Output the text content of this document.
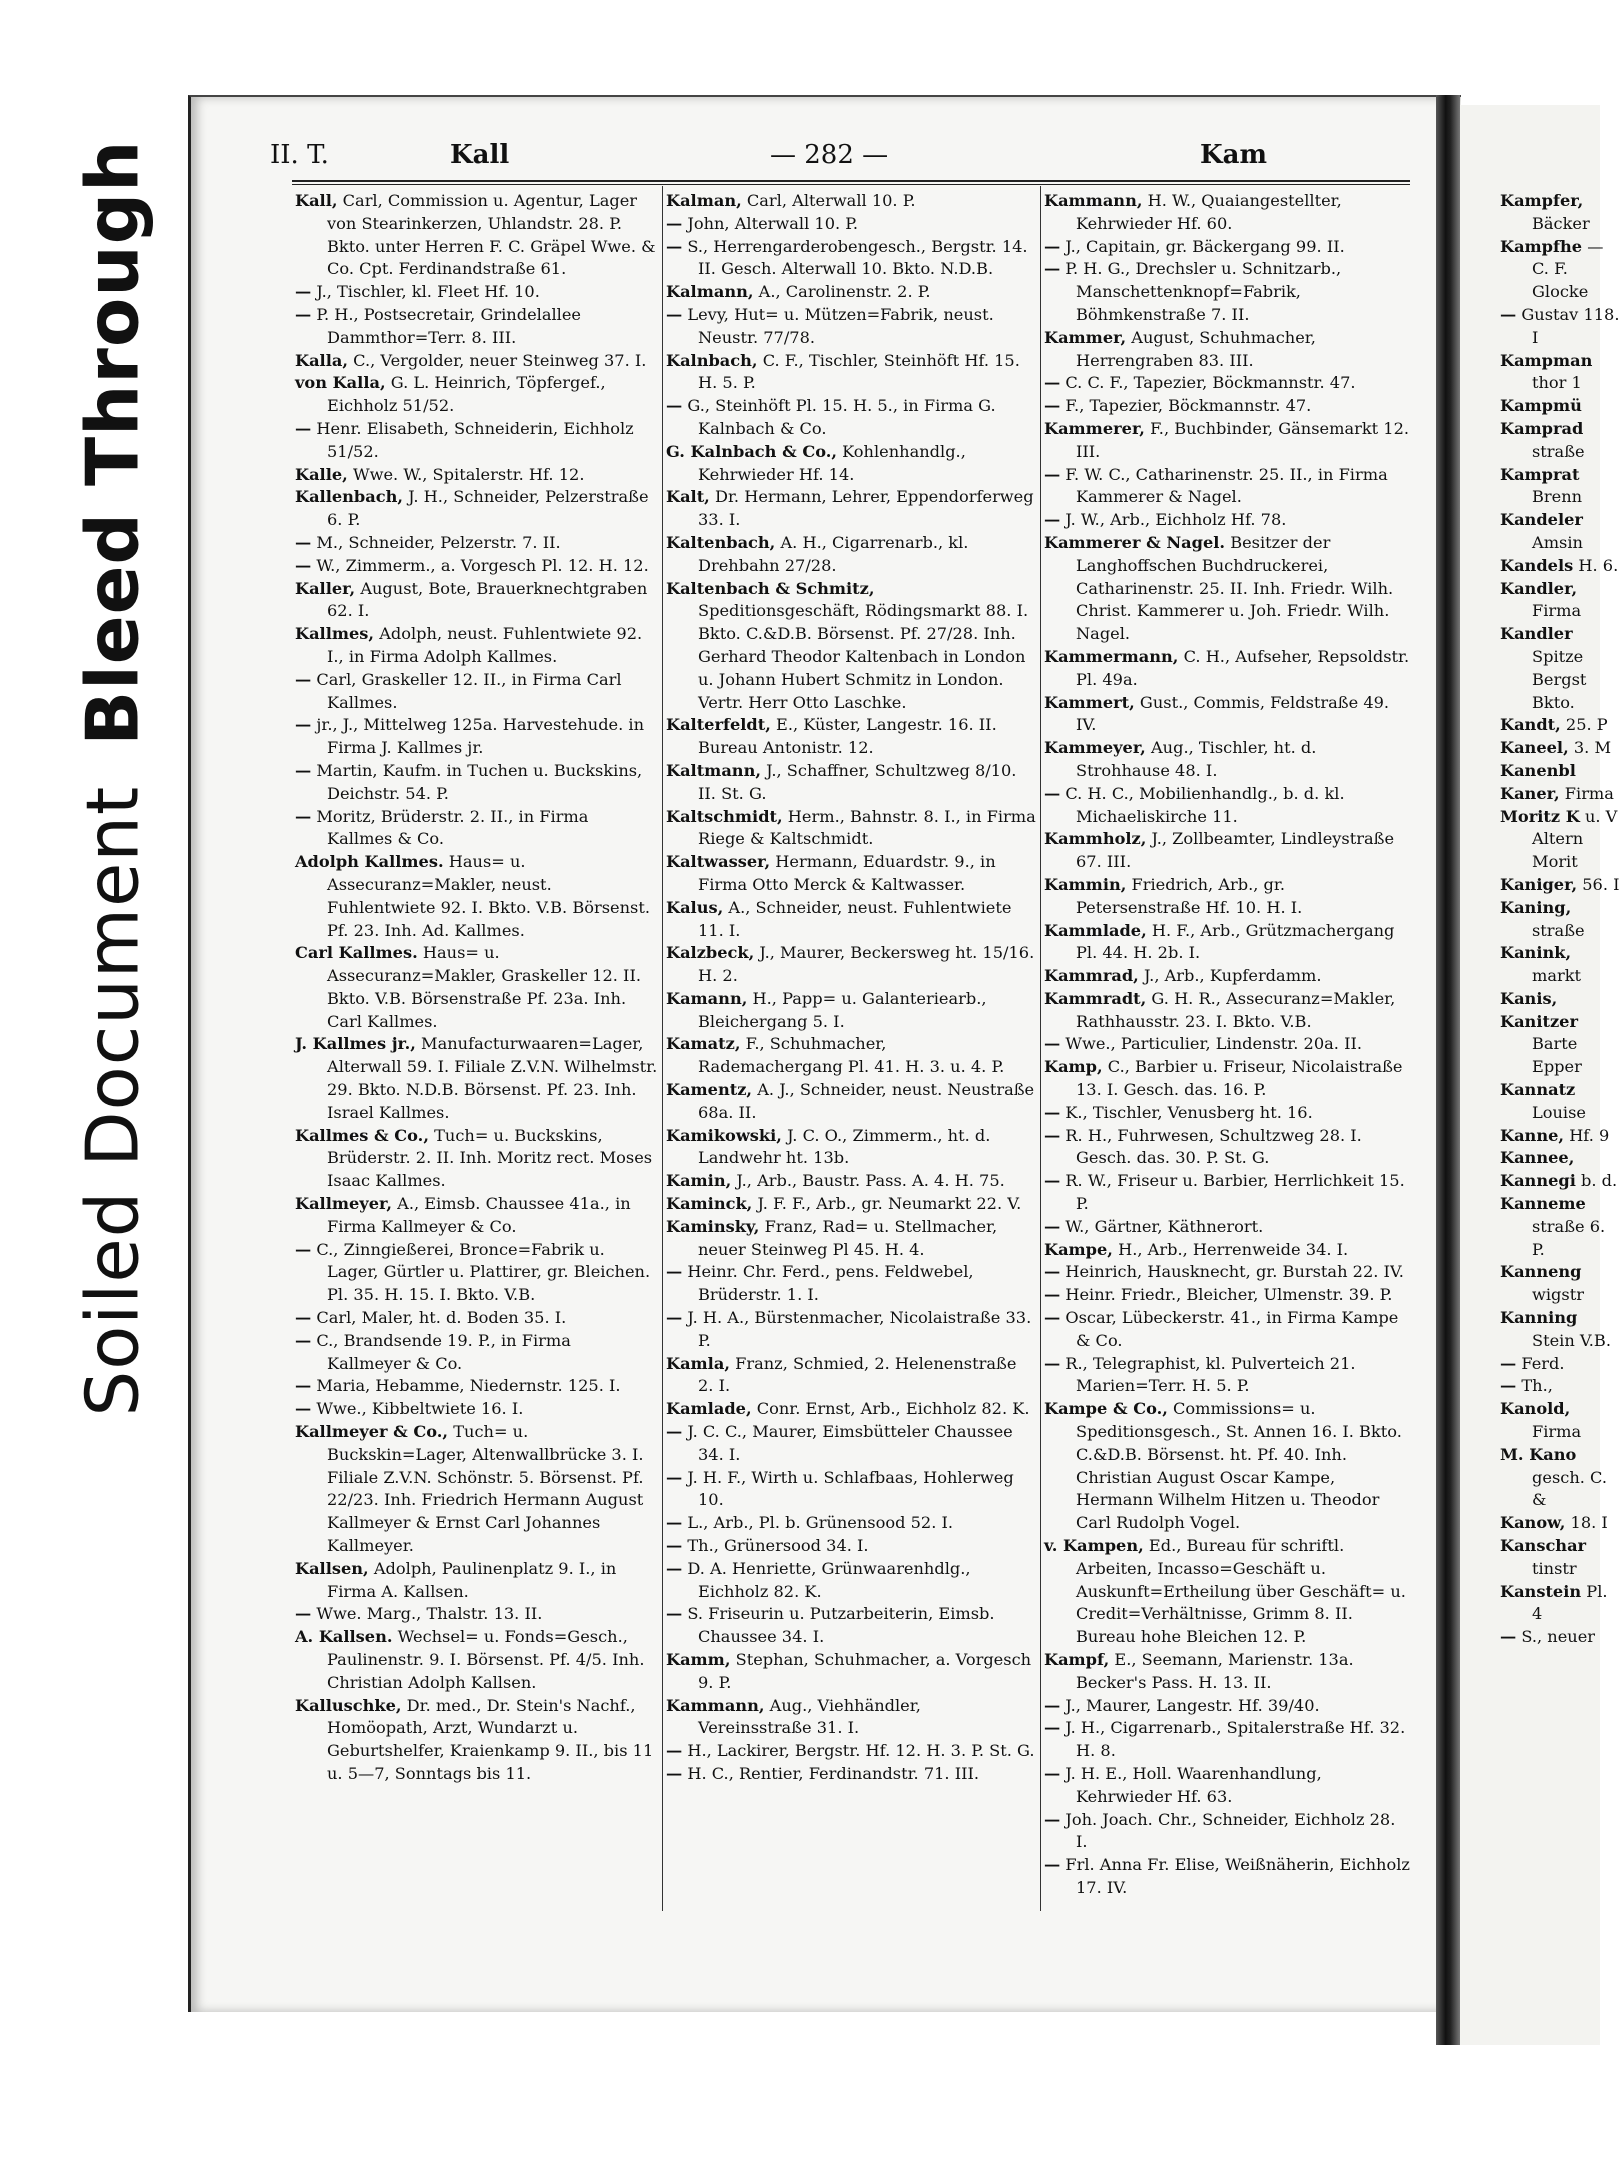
Soiled DocumentBleed Through	II. T.	Kall	— 282 —	Kam

Kall, Carl, Commission u. Agentur, Lager von Stearinkerzen, Uhlandstr. 28. P. Bkto. unter Herren F. C. Gräpel Wwe. & Co. Cpt. Ferdinandstraße 61.

— J., Tischler, kl. Fleet Hf. 10.

— P. H., Postsecretair, Grindelallee Dammthor=Terr. 8. III.

Kalla, C., Vergolder, neuer Steinweg 37. I.

von Kalla, G. L. Heinrich, Töpfergef., Eichholz 51/52.

— Henr. Elisabeth, Schneiderin, Eichholz 51/52.

Kalle, Wwe. W., Spitalerstr. Hf. 12.

Kallenbach, J. H., Schneider, Pelzerstraße 6. P.

— M., Schneider, Pelzerstr. 7. II.

— W., Zimmerm., a. Vorgesch Pl. 12. H. 12.

Kaller, August, Bote, Brauerknechtgraben 62. I.

Kallmes, Adolph, neust. Fuhlentwiete 92. I., in Firma Adolph Kallmes.

— Carl, Graskeller 12. II., in Firma Carl Kallmes.

— jr., J., Mittelweg 125a. Harvestehude. in Firma J. Kallmes jr.

— Martin, Kaufm. in Tuchen u. Buckskins, Deichstr. 54. P.

— Moritz, Brüderstr. 2. II., in Firma Kallmes & Co.

Adolph Kallmes. Haus= u. Assecuranz=Makler, neust. Fuhlentwiete 92. I. Bkto. V.B. Börsenst. Pf. 23. Inh. Ad. Kallmes.

Carl Kallmes. Haus= u. Assecuranz=Makler, Graskeller 12. II. Bkto. V.B. Börsenstraße Pf. 23a. Inh. Carl Kallmes.

J. Kallmes jr., Manufacturwaaren=Lager, Alterwall 59. I. Filiale Z.V.N. Wilhelmstr. 29. Bkto. N.D.B. Börsenst. Pf. 23. Inh. Israel Kallmes.

Kallmes & Co., Tuch= u. Buckskins, Brüderstr. 2. II. Inh. Moritz rect. Moses Isaac Kallmes.

Kallmeyer, A., Eimsb. Chaussee 41a., in Firma Kallmeyer & Co.

— C., Zinngießerei, Bronce=Fabrik u. Lager, Gürtler u. Plattirer, gr. Bleichen. Pl. 35. H. 15. I. Bkto. V.B.

— Carl, Maler, ht. d. Boden 35. I.

— C., Brandsende 19. P., in Firma Kallmeyer & Co.

— Maria, Hebamme, Niedernstr. 125. I.

— Wwe., Kibbeltwiete 16. I.

Kallmeyer & Co., Tuch= u. Buckskin=Lager, Altenwallbrücke 3. I. Filiale Z.V.N. Schönstr. 5. Börsenst. Pf. 22/23. Inh. Friedrich Hermann August Kallmeyer & Ernst Carl Johannes Kallmeyer.

Kallsen, Adolph, Paulinenplatz 9. I., in Firma A. Kallsen.

— Wwe. Marg., Thalstr. 13. II.

A. Kallsen. Wechsel= u. Fonds=Gesch., Paulinenstr. 9. I. Börsenst. Pf. 4/5. Inh. Christian Adolph Kallsen.

Kallusch​ke, Dr. med., Dr. Stein's Nachf., Homöopath, Arzt, Wundarzt u. Geburtshelfer, Kraienkamp 9. II., bis 11 u. 5—7, Sonntags bis 11.

Kalman, Carl, Alterwall 10. P.

— John, Alterwall 10. P.

— S., Herrengarderobengesch., Bergstr. 14. II. Gesch. Alterwall 10. Bkto. N.D.B.

Kalmann, A., Carolinenstr. 2. P.

— Levy, Hut= u. Mützen=Fabrik, neust. Neustr. 77/78.

Kalnbach, C. F., Tischler, Steinhöft Hf. 15. H. 5. P.

— G., Steinhöft Pl. 15. H. 5., in Firma G. Kalnbach & Co.

G. Kalnbach & Co., Kohlenhandlg., Kehrwieder Hf. 14.

Kalt, Dr. Hermann, Lehrer, Eppendorferweg 33. I.

Kaltenbach, A. H., Cigarrenarb., kl. Drehbahn 27/28.

Kaltenbach & Schmitz, Speditionsgeschäft, Rödingsmarkt 88. I. Bkto. C.&D.B. Börsenst. Pf. 27/28. Inh. Gerhard Theodor Kaltenbach in London u. Johann Hubert Schmitz in London. Vertr. Herr Otto Laschke.

Kalterfeldt, E., Küster, Langestr. 16. II. Bureau Antonistr. 12.

Kaltmann, J., Schaffner, Schultzweg 8/10. II. St. G.

Kaltschmidt, Herm., Bahnstr. 8. I., in Firma Riege & Kaltschmidt.

Kaltwasser, Hermann, Eduardstr. 9., in Firma Otto Merck & Kaltwasser.

Kalus, A., Schneider, neust. Fuhlentwiete 11. I.

Kalzbeck, J., Maurer, Beckersweg ht. 15/16. H. 2.

Kamann, H., Papp= u. Galanteriearb., Bleichergang 5. I.

Kamatz, F., Schuhmacher, Rademachergang Pl. 41. H. 3. u. 4. P.

Kamentz, A. J., Schneider, neust. Neustraße 68a. II.

Kamikowski, J. C. O., Zimmerm., ht. d. Landwehr ht. 13b.

Kamin, J., Arb., Baustr. Pass. A. 4. H. 75.

Kaminck, J. F. F., Arb., gr. Neumarkt 22. V.

Kaminsky, Franz, Rad= u. Stellmacher, neuer Steinweg Pl 45. H. 4.

— Heinr. Chr. Ferd., pens. Feldwebel, Brüderstr. 1. I.

— J. H. A., Bürstenmacher, Nicolaistraße 33. P.

Kamla, Franz, Schmied, 2. Helenenstraße 2. I.

Kamlade, Conr. Ernst, Arb., Eichholz 82. K.

— J. C. C., Maurer, Eimsbütteler Chaussee 34. I.

— J. H. F., Wirth u. Schlafbaas, Hohlerweg 10.

— L., Arb., Pl. b. Grünensood 52. I.

— Th., Grünersood 34. I.

— D. A. Henriette, Grünwaarenhdlg., Eichholz 82. K.

— S. Friseurin u. Putzarbeiterin, Eimsb. Chaussee 34. I.

Kamm, Stephan, Schuhmacher, a. Vorgesch 9. P.

Kammann, Aug., Viehhändler, Vereinsstraße 31. I.

— H., Lackirer, Bergstr. Hf. 12. H. 3. P. St. G.

— H. C., Rentier, Ferdinandstr. 71. III.

Kammann, H. W., Quaiangestellter, Kehrwieder Hf. 60.

— J., Capitain, gr. Bäckergang 99. II.

— P. H. G., Drechsler u. Schnitzarb., Manschettenknopf=Fabrik, Böhmkenstraße 7. II.

Kammer, August, Schuhmacher, Herrengraben 83. III.

— C. C. F., Tapezier, Böckmannstr. 47.

— F., Tapezier, Böckmannstr. 47.

Kammerer, F., Buchbinder, Gänsemarkt 12. III.

— F. W. C., Catharinenstr. 25. II., in Firma Kammerer & Nagel.

— J. W., Arb., Eichholz Hf. 78.

Kammerer & Nagel. Besitzer der Langhoffschen Buchdruckerei, Catharinenstr. 25. II. Inh. Friedr. Wilh. Christ. Kammerer u. Joh. Friedr. Wilh. Nagel.

Kammermann, C. H., Aufseher, Repsoldstr. Pl. 49a.

Kammert, Gust., Commis, Feldstraße 49. IV.

Kammeyer, Aug., Tischler, ht. d. Strohhause 48. I.

— C. H. C., Mobilienhandlg., b. d. kl. Michaeliskirche 11.

Kammholz, J., Zollbeamter, Lindleystraße 67. III.

Kammin, Friedrich, Arb., gr. Petersenstraße Hf. 10. H. I.

Kammlade, H. F., Arb., Grützmachergang Pl. 44. H. 2b. I.

Kammrad, J., Arb., Kupferdamm.

Kammradt, G. H. R., Assecuranz=Makler, Rathhausstr. 23. I. Bkto. V.B.

— Wwe., Particulier, Lindenstr. 20a. II.

Kamp, C., Barbier u. Friseur, Nicolaistraße 13. I. Gesch. das. 16. P.

— K., Tischler, Venusberg ht. 16.

— R. H., Fuhrwesen, Schultzweg 28. I. Gesch. das. 30. P. St. G.

— R. W., Friseur u. Barbier, Herrlichkeit 15. P.

— W., Gärtner, Käthnerort.

Kampe, H., Arb., Herrenweide 34. I.

— Heinrich, Hausknecht, gr. Burstah 22. IV.

— Heinr. Friedr., Bleicher, Ulmenstr. 39. P.

— Oscar, Lübeckerstr. 41., in Firma Kampe & Co.

— R., Telegraphist, kl. Pulverteich 21. Marien=Terr. H. 5. P.

Kampe & Co., Commissions= u. Speditionsgesch., St. Annen 16. I. Bkto. C.&D.B. Börsenst. ht. Pf. 40. Inh. Christian August Oscar Kampe, Hermann Wilhelm Hitzen u. Theodor Carl Rudolph Vogel.

v. Kampen, Ed., Bureau für schriftl. Arbeiten, Incasso=Geschäft u. Auskunft=Ertheilung über Geschäft= u. Credit=Verhältnisse, Grimm 8. II. Bureau hohe Bleichen 12. P.

Kampf, E., Seemann, Marienstr. 13a. Becker's Pass. H. 13. II.

— J., Maurer, Langestr. Hf. 39/40.

— J. H., Cigarrenarb., Spitalerstraße Hf. 32. H. 8.

— J. H. E., Holl. Waarenhandlung, Kehrwieder Hf. 63.

— Joh. Joach. Chr., Schneider, Eichholz 28. I.

— Frl. Anna Fr. Elise, Weißnäherin, Eichholz 17. IV.

Kampfer, Bäcker

Kampfhe — C. F. Glocke

— Gustav 118. I

Kampman thor 1

Kampmü

Kamprad straße

Kamprat Brenn

Kandeler Amsin

Kandels H. 6.

Kandler, Firma

Kandler Spitze Bergst Bkto.

Kandt, 25. P

Kaneel, 3. M

Kanenbl

Kaner, Firma

Moritz K u. V Altern Morit

Kaniger, 56. I

Kaning, straße

Kanink, markt

Kanis,

Kanitzer Barte Epper

Kannatz Louise

Kanne, Hf. 9

Kannee,

Kannegi b. d.

Kanneme straße 6. P.

Kanneng wigstr

Kanning Stein V.B.

— Ferd.

— Th.,

Kanold, Firma

M. Kano gesch. C. &

Kanow, 18. I

Kanschar tinstr

Kanstein Pl. 4

— S., neuer
